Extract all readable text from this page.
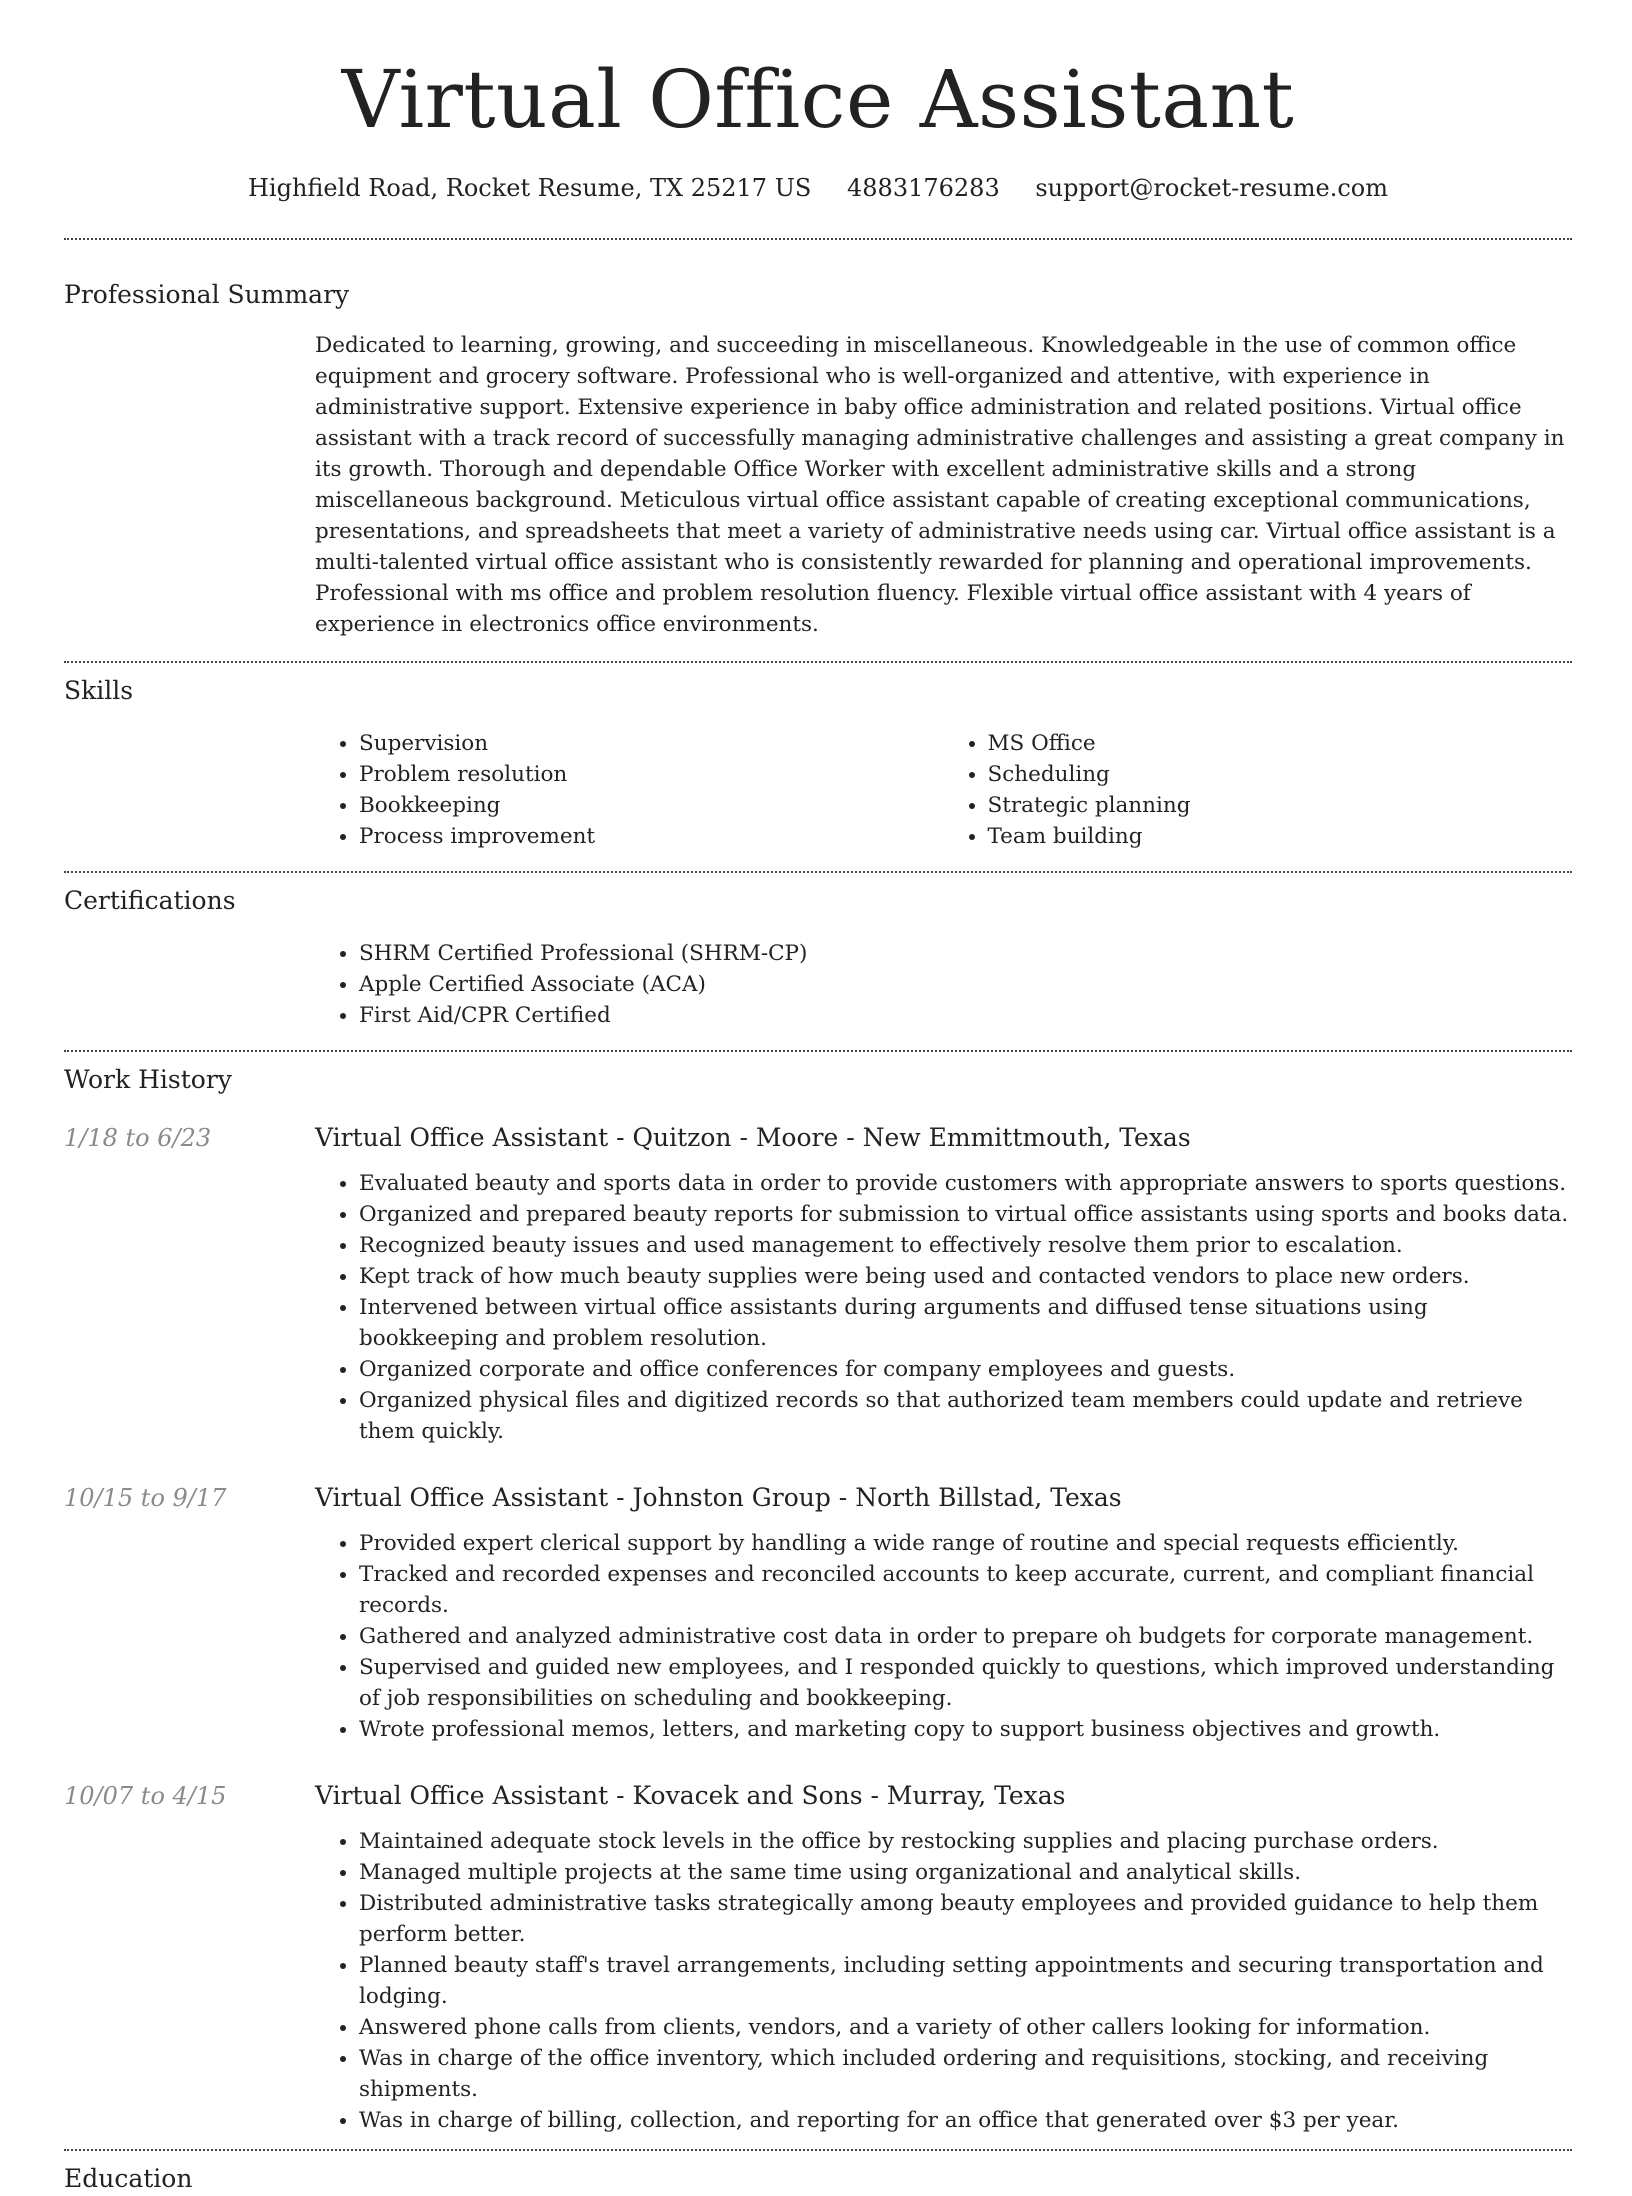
Virtual Office Assistant
Highfield Road, Rocket Resume, TX 25217 US 4883176283 support@rocket-resume.com
Professional Summary

Dedicated to learning, growing, and succeeding in miscellaneous. Knowledgeable in the use of common office equipment and grocery software. Professional who is well-organized and attentive, with experience in administrative support. Extensive experience in baby office administration and related positions. Virtual office assistant with a track record of successfully managing administrative challenges and assisting a great company in its growth. Thorough and dependable Office Worker with excellent administrative skills and a strong miscellaneous background. Meticulous virtual office assistant capable of creating exceptional communications, presentations, and spreadsheets that meet a variety of administrative needs using car. Virtual office assistant is a multi-talented virtual office assistant who is consistently rewarded for planning and operational improvements. Professional with ms office and problem resolution fluency. Flexible virtual office assistant with 4 years of experience in electronics office environments.

Skills
• Supervision
• Problem resolution
• Bookkeeping
• Process improvement
• MS Office
• Scheduling
• Strategic planning
• Team building
Certifications
• SHRM Certified Professional (SHRM-CP)
• Apple Certified Associate (ACA)
• First Aid/CPR Certified
Work History
1/18 to 6/23	Virtual Office Assistant - Quitzon - Moore - New Emmittmouth, Texas
• Evaluated beauty and sports data in order to provide customers with appropriate answers to sports questions.
• Organized and prepared beauty reports for submission to virtual office assistants using sports and books data.
• Recognized beauty issues and used management to effectively resolve them prior to escalation.
• Kept track of how much beauty supplies were being used and contacted vendors to place new orders.
• Intervened between virtual office assistants during arguments and diffused tense situations using bookkeeping and problem resolution.
• Organized corporate and office conferences for company employees and guests.
• Organized physical files and digitized records so that authorized team members could update and retrieve them quickly.
10/15 to 9/17	Virtual Office Assistant - Johnston Group - North Billstad, Texas
• Provided expert clerical support by handling a wide range of routine and special requests efficiently.
• Tracked and recorded expenses and reconciled accounts to keep accurate, current, and compliant financial records.
• Gathered and analyzed administrative cost data in order to prepare oh budgets for corporate management.
• Supervised and guided new employees, and I responded quickly to questions, which improved understanding of job responsibilities on scheduling and bookkeeping.
• Wrote professional memos, letters, and marketing copy to support business objectives and growth.
10/07 to 4/15	Virtual Office Assistant - Kovacek and Sons - Murray, Texas
• Maintained adequate stock levels in the office by restocking supplies and placing purchase orders.
• Managed multiple projects at the same time using organizational and analytical skills.
• Distributed administrative tasks strategically among beauty employees and provided guidance to help them perform better.
• Planned beauty staff's travel arrangements, including setting appointments and securing transportation and lodging.
• Answered phone calls from clients, vendors, and a variety of other callers looking for information.
• Was in charge of the office inventory, which included ordering and requisitions, stocking, and receiving shipments.
• Was in charge of billing, collection, and reporting for an office that generated over $3 per year.
Education
